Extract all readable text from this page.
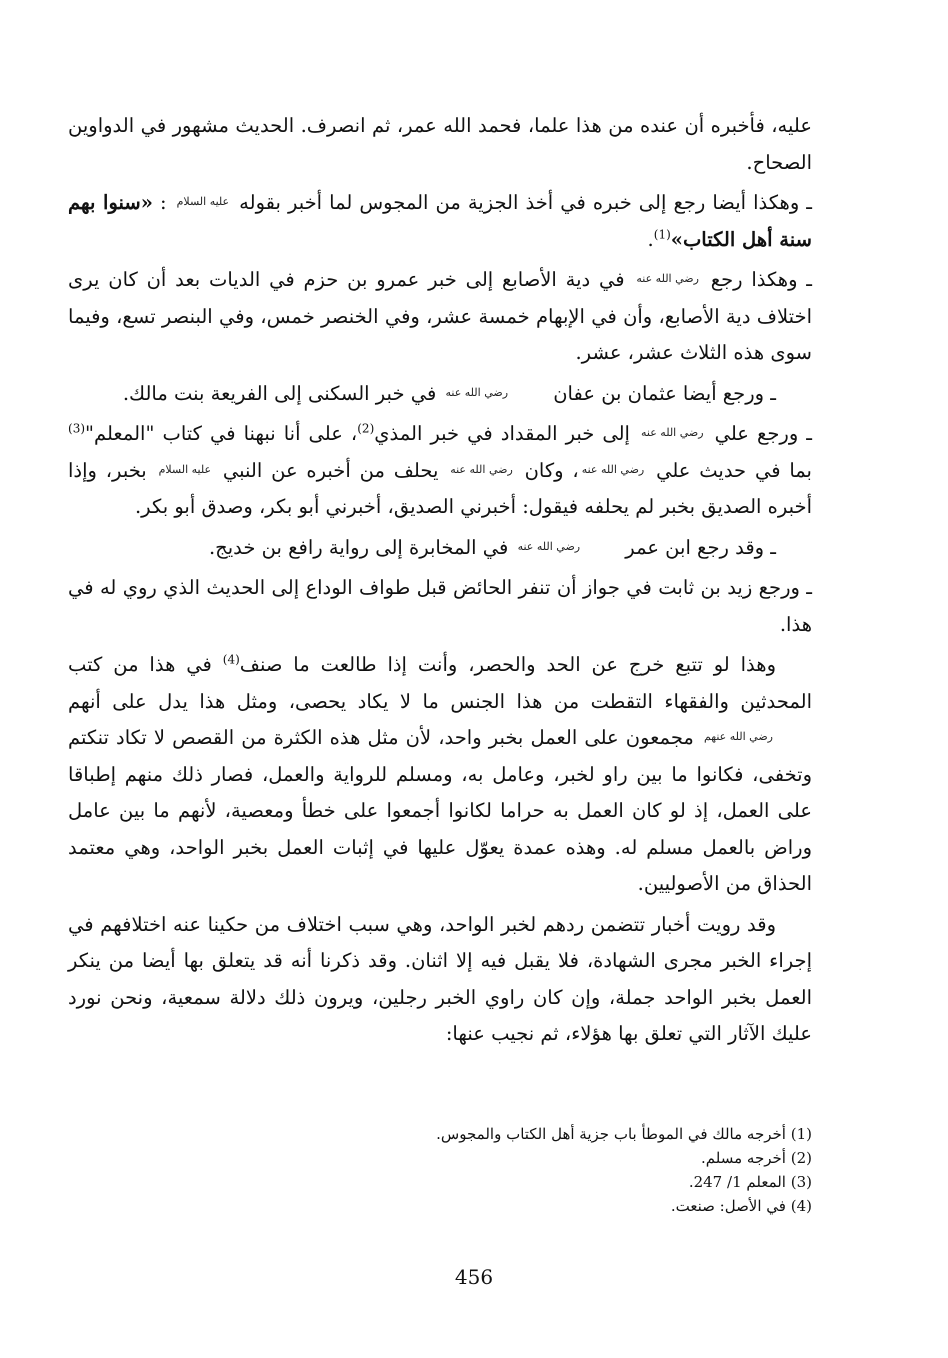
عليه، فأخبره أن عنده من هذا علما، فحمد الله عمر، ثم انصرف. الحديث مشهور في الدواوين الصحاح.

ـ وهكذا أيضا رجع إلى خبره في أخذ الجزية من المجوس لما أخبر بقوله عليه السلام : «سنوا بهم سنة أهل الكتاب»$^{(1)}$.

ـ وهكذا رجع رضي الله عنه في دية الأصابع إلى خبر عمرو بن حزم في الديات بعد أن كان يرى اختلاف دية الأصابع، وأن في الإبهام خمسة عشر، وفي الخنصر خمس، وفي البنصر تسع، وفيما سوى هذه الثلاث عشر، عشر.

ـ ورجع أيضا عثمان بن عفان رضي الله عنه في خبر السكنى إلى الفريعة بنت مالك.

ـ ورجع علي رضي الله عنه إلى خبر المقداد في خبر المذي$^{(2)}$، على أنا نبهنا في كتاب "المعلم"$^{(3)}$ بما في حديث علي رضي الله عنه، وكان رضي الله عنه يحلف من أخبره عن النبي عليه السلام بخبر، وإذا أخبره الصديق بخبر لم يحلفه فيقول: أخبرني الصديق، أخبرني أبو بكر، وصدق أبو بكر.

ـ وقد رجع ابن عمر رضي الله عنه في المخابرة إلى رواية رافع بن خديج.

ـ ورجع زيد بن ثابت في جواز أن تنفر الحائض قبل طواف الوداع إلى الحديث الذي روي له في هذا.

وهذا لو تتبع خرج عن الحد والحصر، وأنت إذا طالعت ما صنف$^{(4)}$ في هذا من كتب المحدثين والفقهاء التقطت من هذا الجنس ما لا يكاد يحصى، ومثل هذا يدل على أنهم رضي الله عنهم مجمعون على العمل بخبر واحد، لأن مثل هذه الكثرة من القصص لا تكاد تنكتم وتخفى، فكانوا ما بين راو لخبر، وعامل به، ومسلم للرواية والعمل، فصار ذلك منهم إطباقا على العمل، إذ لو كان العمل به حراما لكانوا أجمعوا على خطأ ومعصية، لأنهم ما بين عامل وراض بالعمل مسلم له. وهذه عمدة يعوّل عليها في إثبات العمل بخبر الواحد، وهي معتمد الحذاق من الأصوليين.

وقد رويت أخبار تتضمن ردهم لخبر الواحد، وهي سبب اختلاف من حكينا عنه اختلافهم في إجراء الخبر مجرى الشهادة، فلا يقبل فيه إلا اثنان. وقد ذكرنا أنه قد يتعلق بها أيضا من ينكر العمل بخبر الواحد جملة، وإن كان راوي الخبر رجلين، ويرون ذلك دلالة سمعية، ونحن نورد عليك الآثار التي تعلق بها هؤلاء، ثم نجيب عنها:

(1) أخرجه مالك في الموطأ باب جزية أهل الكتاب والمجوس.

(2) أخرجه مسلم.

(3) المعلم 1/ 247.

(4) في الأصل: صنعت.

456
